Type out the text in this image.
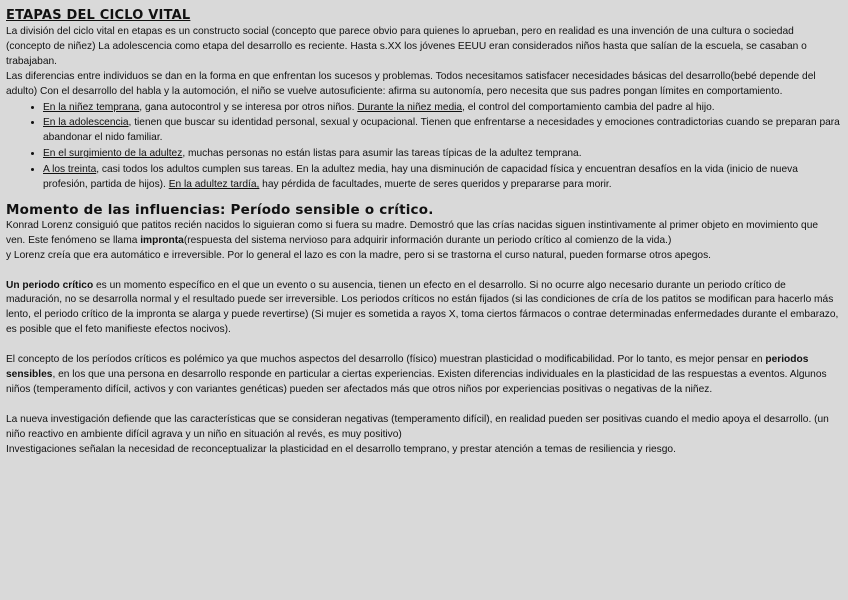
ETAPAS DEL CICLO VITAL

La división del ciclo vital en etapas es un constructo social (concepto que parece obvio para quienes lo aprueban, pero en realidad es una invención de una cultura o sociedad (concepto de niñez) La adolescencia como etapa del desarrollo es reciente. Hasta s.XX los jóvenes EEUU eran considerados niños hasta que salían de la escuela, se casaban o trabajaban.

Las diferencias entre individuos se dan en la forma en que enfrentan los sucesos y problemas. Todos necesitamos satisfacer necesidades básicas del desarrollo(bebé depende del adulto) Con el desarrollo del habla y la automoción, el niño se vuelve autosuficiente: afirma su autonomía, pero necesita que sus padres pongan límites en comportamiento.

• En la niñez temprana, gana autocontrol y se interesa por otros niños. Durante la niñez media, el control del comportamiento cambia del padre al hijo.
• En la adolescencia, tienen que buscar su identidad personal, sexual y ocupacional. Tienen que enfrentarse a necesidades y emociones contradictorias cuando se preparan para abandonar el nido familiar.
• En el surgimiento de la adultez, muchas personas no están listas para asumir las tareas típicas de la adultez temprana.
• A los treinta, casi todos los adultos cumplen sus tareas. En la adultez media, hay una disminución de capacidad física y encuentran desafíos en la vida (inicio de nueva profesión, partida de hijos). En la adultez tardía, hay pérdida de facultades, muerte de seres queridos y prepararse para morir.
Momento de las influencias: Período sensible o crítico.

Konrad Lorenz consiguió que patitos recién nacidos lo siguieran como si fuera su madre. Demostró que las crías nacidas siguen instintivamente al primer objeto en movimiento que ven. Este fenómeno se llama impronta(respuesta del sistema nervioso para adquirir información durante un periodo crítico al comienzo de la vida.)

y Lorenz creía que era automático e irreversible. Por lo general el lazo es con la madre, pero si se trastorna el curso natural, pueden formarse otros apegos.

Un periodo crítico es un momento específico en el que un evento o su ausencia, tienen un efecto en el desarrollo. Si no ocurre algo necesario durante un periodo crítico de maduración, no se desarrolla normal y el resultado puede ser irreversible. Los periodos críticos no están fijados (si las condiciones de cría de los patitos se modifican para hacerlo más lento, el periodo crítico de la impronta se alarga y puede revertirse) (Si mujer es sometida a rayos X, toma ciertos fármacos o contrae determinadas enfermedades durante el embarazo, es posible que el feto manifieste efectos nocivos).

El concepto de los períodos críticos es polémico ya que muchos aspectos del desarrollo (físico) muestran plasticidad o modificabilidad. Por lo tanto, es mejor pensar en periodos sensibles, en los que una persona en desarrollo responde en particular a ciertas experiencias. Existen diferencias individuales en la plasticidad de las respuestas a eventos. Algunos niños (temperamento difícil, activos y con variantes genéticas) pueden ser afectados más que otros niños por experiencias positivas o negativas de la niñez.

La nueva investigación defiende que las características que se consideran negativas (temperamento difícil), en realidad pueden ser positivas cuando el medio apoya el desarrollo. (un niño reactivo en ambiente difícil agrava y un niño en situación al revés, es muy positivo)

Investigaciones señalan la necesidad de reconceptualizar la plasticidad en el desarrollo temprano, y prestar atención a temas de resiliencia y riesgo.
